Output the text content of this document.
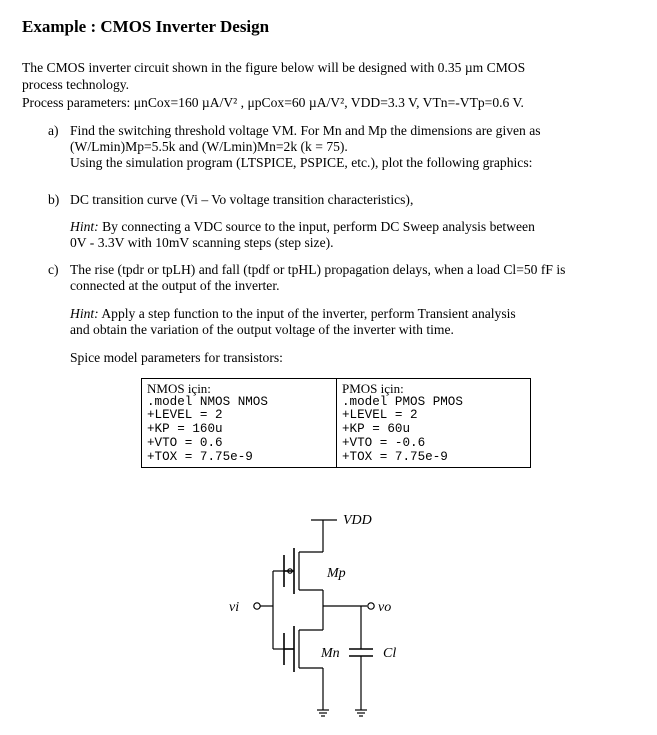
Example : CMOS Inverter Design
The CMOS inverter circuit shown in the figure below will be designed with 0.35 µm CMOS
process technology.
Process parameters: μnCox=160 µA/V² , μpCox=60 µA/V², VDD=3.3 V, VTn=-VTp=0.6 V.
a) Find the switching threshold voltage VM. For Mn and Mp the dimensions are given as
(W/Lmin)Mp=5.5k and (W/Lmin)Mn=2k (k = 75).
Using the simulation program (LTSPICE, PSPICE, etc.), plot the following graphics:
b) DC transition curve (Vi – Vo voltage transition characteristics),
Hint: By connecting a VDC source to the input, perform DC Sweep analysis between
0V - 3.3V with 10mV scanning steps (step size).
c) The rise (tpdr or tpLH) and fall (tpdf or tpHL) propagation delays, when a load Cl=50 fF is
connected at the output of the inverter.
Hint: Apply a step function to the input of the inverter, perform Transient analysis
and obtain the variation of the output voltage of the inverter with time.
Spice model parameters for transistors:
NMOS için:
.model NMOS NMOS
+LEVEL = 2
+KP = 160u
+VTO = 0.6
+TOX = 7.75e-9
PMOS için:
.model PMOS PMOS
+LEVEL = 2
+KP = 60u
+VTO = -0.6
+TOX = 7.75e-9
VDD
Mp
Mn
vi	vo
Cl
